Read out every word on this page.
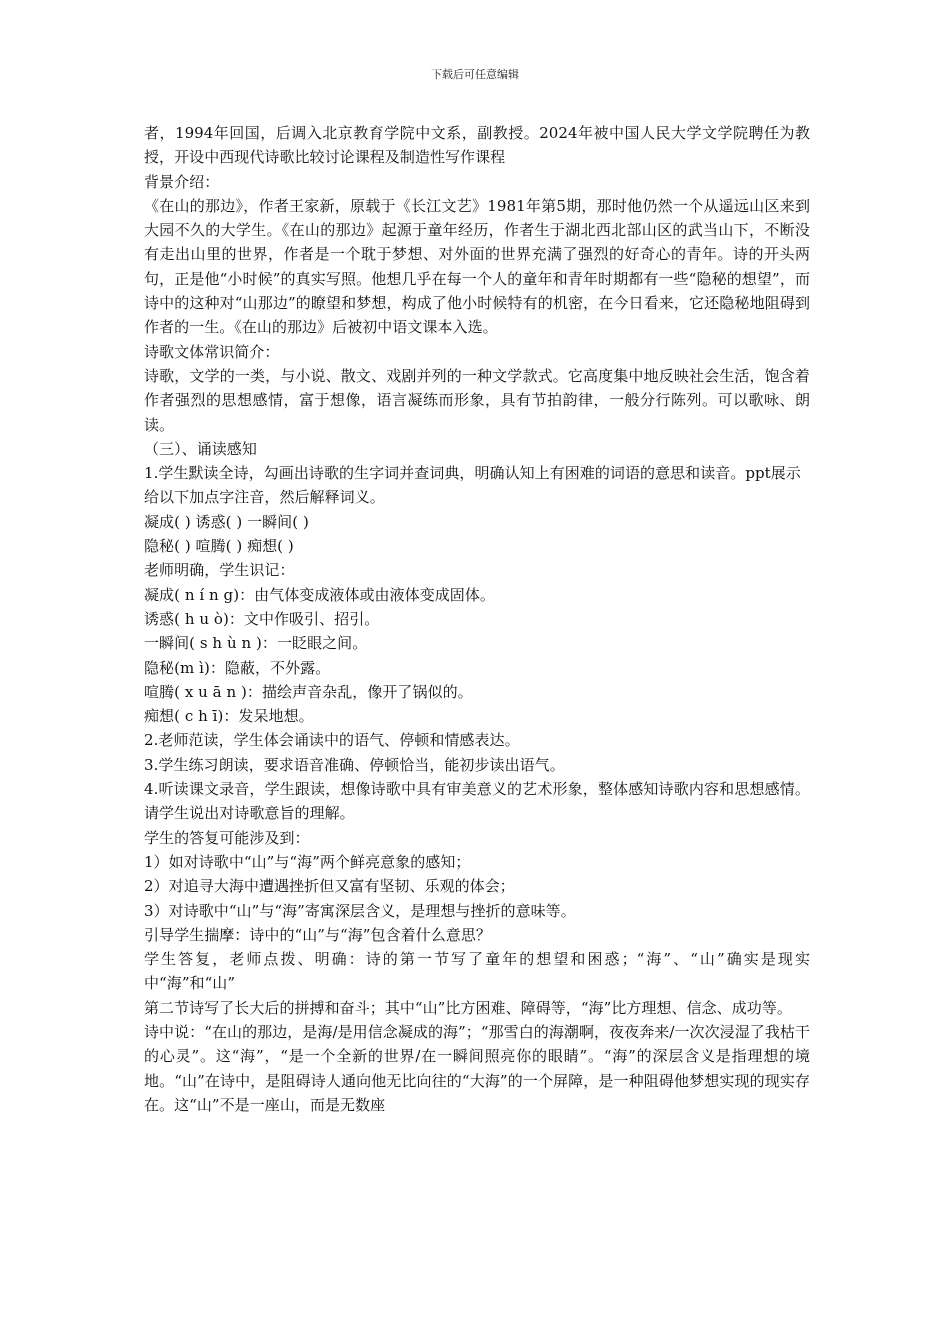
下载后可任意编辑

者，1994年回国，后调入北京教育学院中文系，副教授。2024年被中国人民大学文学院聘任为教授，开设中西现代诗歌比较讨论课程及制造性写作课程

背景介绍：

《在山的那边》，作者王家新，原载于《长江文艺》1981年第5期，那时他仍然一个从遥远山区来到大园不久的大学生。《在山的那边》起源于童年经历，作者生于湖北西北部山区的武当山下，不断没有走出山里的世界，作者是一个耽于梦想、对外面的世界充满了强烈的好奇心的青年。诗的开头两句，正是他“小时候”的真实写照。他想几乎在每一个人的童年和青年时期都有一些“隐秘的想望”，而诗中的这种对“山那边”的瞭望和梦想，构成了他小时候特有的机密，在今日看来，它还隐秘地阻碍到作者的一生。《在山的那边》后被初中语文课本入选。

诗歌文体常识简介：

诗歌，文学的一类，与小说、散文、戏剧并列的一种文学款式。它高度集中地反映社会生活，饱含着作者强烈的思想感情，富于想像，语言凝练而形象，具有节拍韵律，一般分行陈列。可以歌咏、朗读。

（三）、诵读感知

1.学生默读全诗，勾画出诗歌的生字词并查词典，明确认知上有困难的词语的意思和读音。ppt展示

给以下加点字注音，然后解释词义。

凝成( ) 诱惑( ) 一瞬间( )

隐秘( ) 喧腾( ) 痴想( )

老师明确，学生识记：

凝成( n í n g)：由气体变成液体或由液体变成固体。

诱惑( h u ò)：文中作吸引、招引。

一瞬间( s h ù n )：一眨眼之间。

隐秘(m ì)：隐蔽，不外露。

喧腾( x u ā n )：描绘声音杂乱，像开了锅似的。

痴想( c h ī)：发呆地想。

2.老师范读，学生体会诵读中的语气、停顿和情感表达。

3.学生练习朗读，要求语音准确、停顿恰当，能初步读出语气。

4.听读课文录音，学生跟读，想像诗歌中具有审美意义的艺术形象，整体感知诗歌内容和思想感情。请学生说出对诗歌意旨的理解。

学生的答复可能涉及到：

1）如对诗歌中“山”与“海”两个鲜亮意象的感知；

2）对追寻大海中遭遇挫折但又富有坚韧、乐观的体会；

3）对诗歌中“山”与“海”寄寓深层含义，是理想与挫折的意味等。

引导学生揣摩：诗中的“山”与“海”包含着什么意思？

学生答复，老师点拨、明确：诗的第一节写了童年的想望和困惑；“海”、“山”确实是现实中“海”和“山”

第二节诗写了长大后的拼搏和奋斗；其中“山”比方困难、障碍等，“海”比方理想、信念、成功等。

诗中说：“在山的那边，是海/是用信念凝成的海”；“那雪白的海潮啊，夜夜奔来/一次次浸湿了我枯干的心灵”。这“海”，“是一个全新的世界/在一瞬间照亮你的眼睛”。“海”的深层含义是指理想的境地。“山”在诗中，是阻碍诗人通向他无比向往的“大海”的一个屏障，是一种阻碍他梦想实现的现实存在。这“山”不是一座山，而是无数座
